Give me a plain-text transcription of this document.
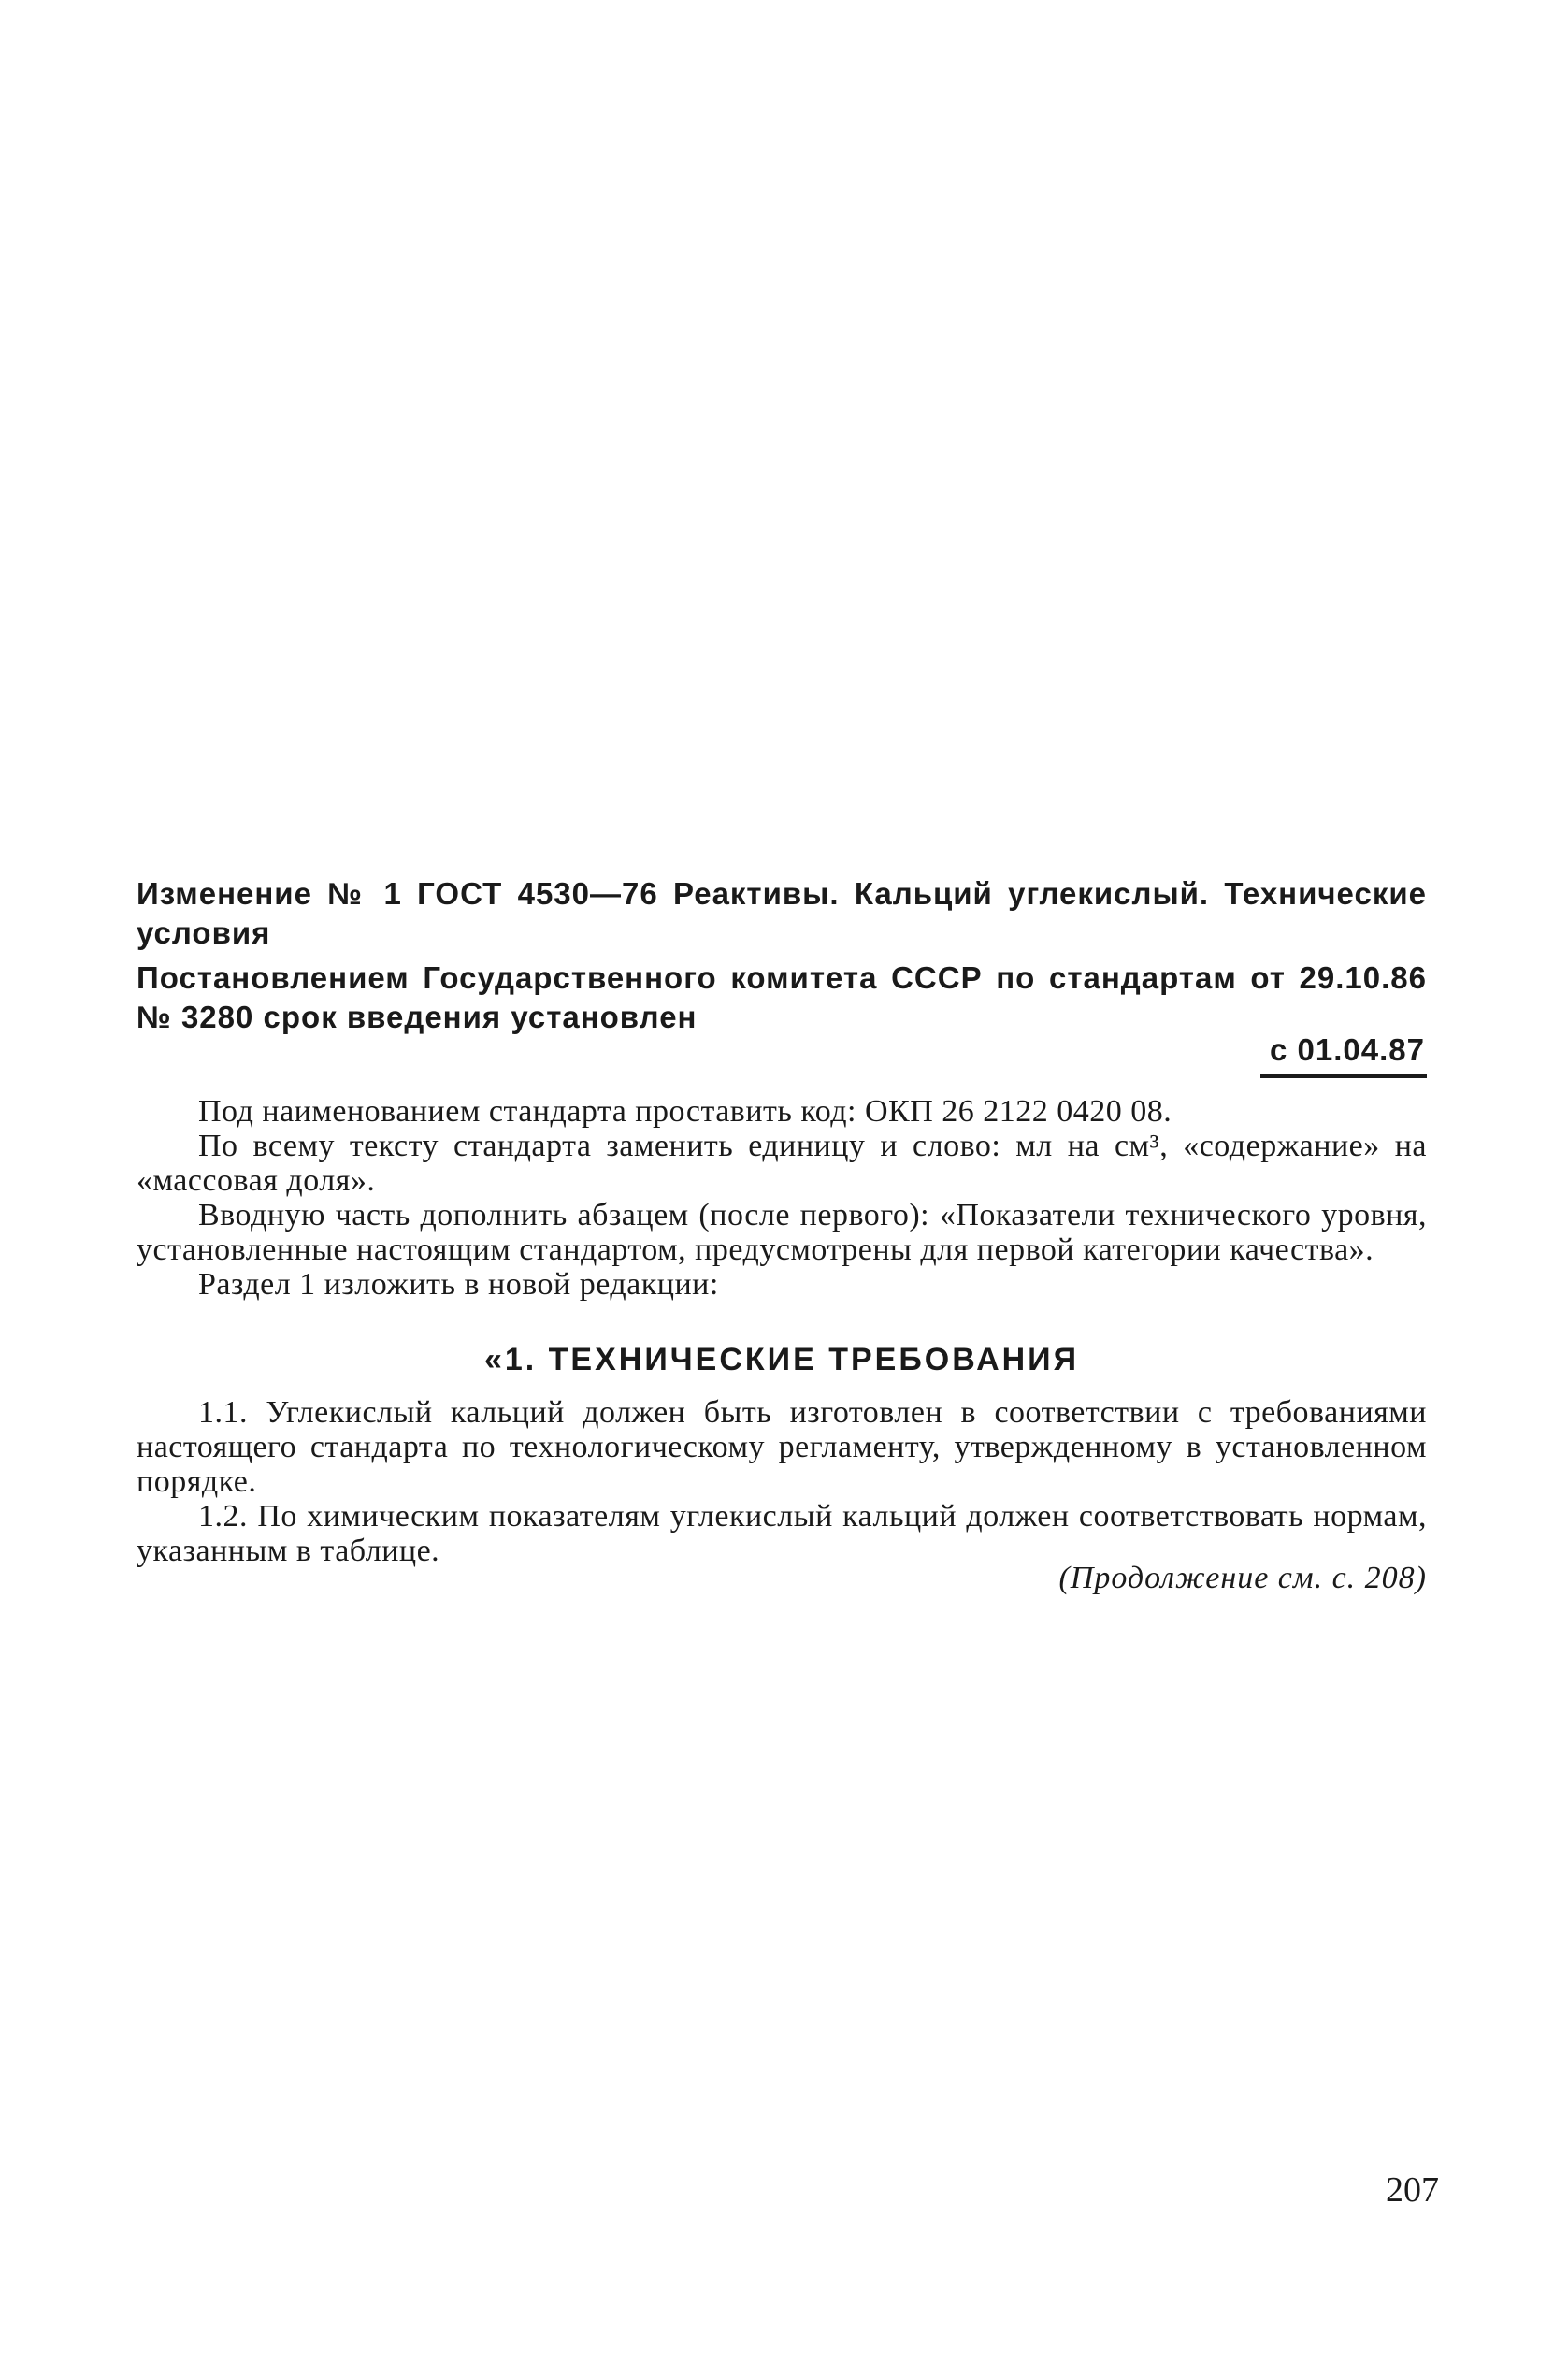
Изменение № 1 ГОСТ 4530—76 Реактивы. Кальций углекислый. Технические условия
Постановлением Государственного комитета СССР по стандартам от 29.10.86
№ 3280 срок введения установлен
с 01.04.87

Под наименованием стандарта проставить код: ОКП 26 2122 0420 08.

По всему тексту стандарта заменить единицу и слово: мл на см³, «содержание» на «массовая доля».

Вводную часть дополнить абзацем (после первого): «Показатели технического уровня, установленные настоящим стандартом, предусмотрены для первой категории качества».

Раздел 1 изложить в новой редакции:

«1. ТЕХНИЧЕСКИЕ ТРЕБОВАНИЯ

1.1. Углекислый кальций должен быть изготовлен в соответствии с требованиями настоящего стандарта по технологическому регламенту, утвержденному в установленном порядке.

1.2. По химическим показателям углекислый кальций должен соответствовать нормам, указанным в таблице.

(Продолжение см. с. 208)
207
